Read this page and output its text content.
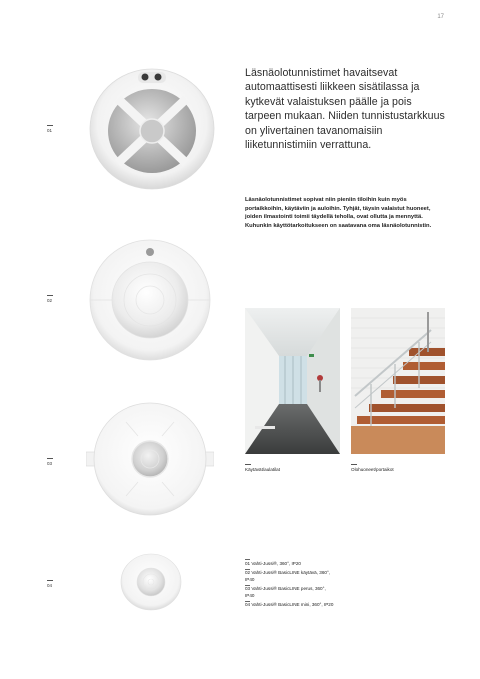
17
01
02
03
04
Läsnäolotunnistimet havaitsevat automaattisesti liikkeen sisätilassa ja kytkevät valaistuksen päälle ja pois tarpeen mukaan. Niiden tunnistustarkkuus on ylivertainen tavanomaisiin liiketunnistimiin verrattuna.
Läsnäolotunnistimet sopivat niin pieniin tiloihin kuin myös portaikkoihin, käytäviin ja auloihin. Tyhjät, täysin valaistut huoneet, joiden ilmastointi toimii täydellä teholla, ovat ollutta ja mennyttä. Kuhunkin käyttötarkoitukseen on saatavana oma läsnäolotunnistin.
Käytävät/aulatilat	Olohuoneet/portaikot
01 Vahti-Jussi®, 360°, IP20
02 Vahti-Jussi® BasicLINE käytävä, 360°, IP40
03 Vahti-Jussi® BasicLINE perus, 360°, IP40
04 Vahti-Jussi® BasicLINE mini, 360°, IP20
